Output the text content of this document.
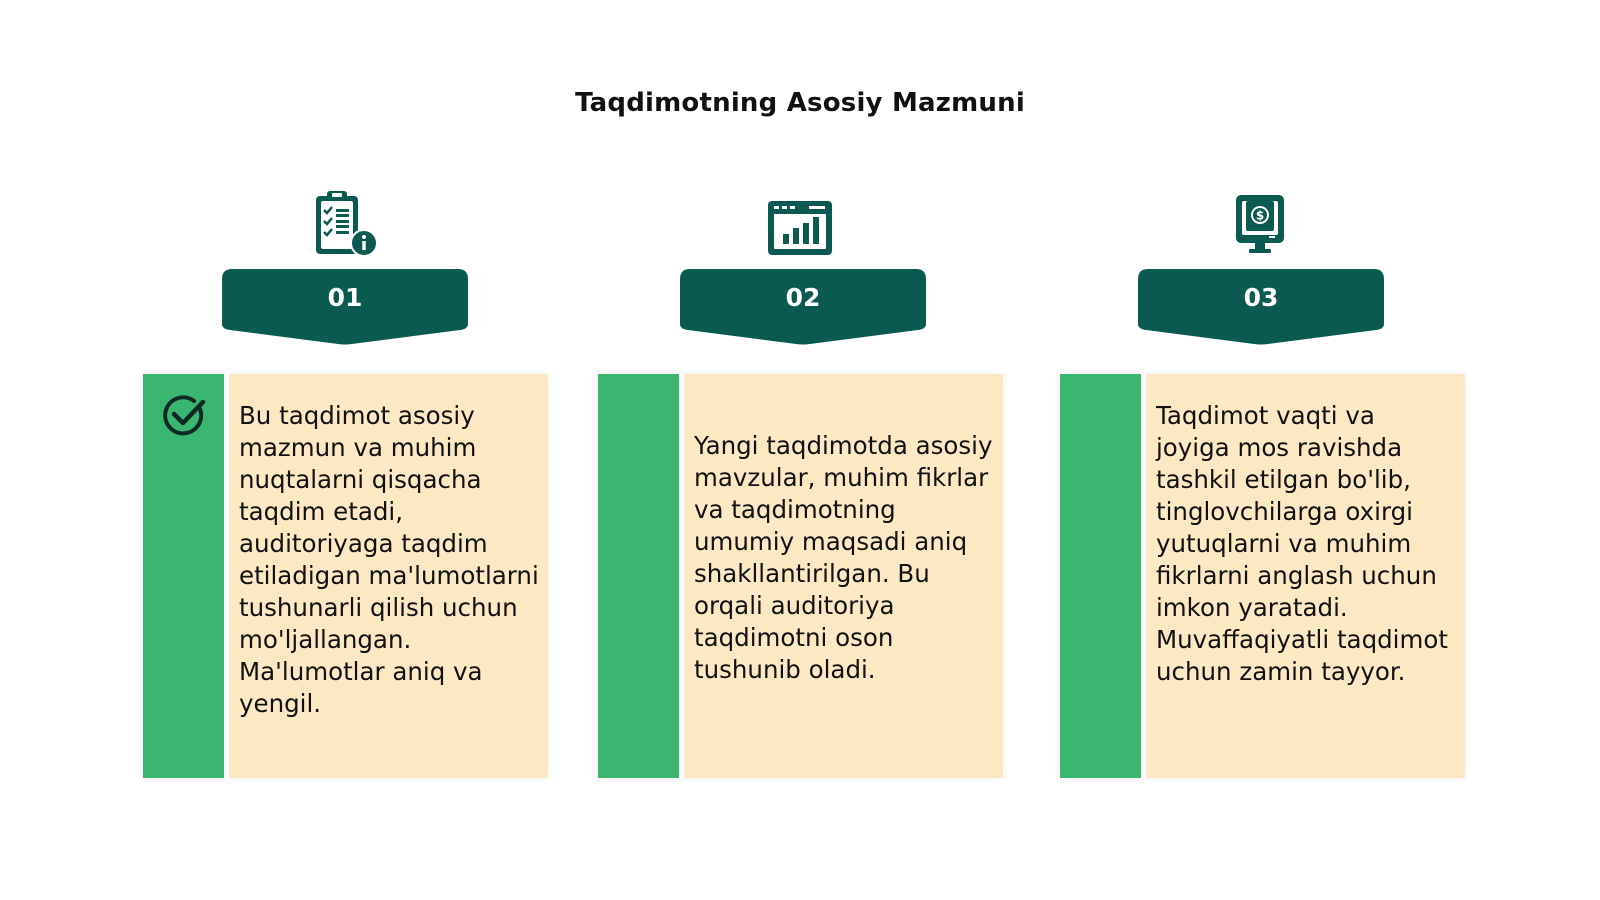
Taqdimotning Asosiy Mazmuni
01
Bu taqdimot asosiy mazmun va muhim nuqtalarni qisqacha taqdim etadi, auditoriyaga taqdim etiladigan ma'lumotlarni tushunarli qilish uchun mo'ljallangan. Ma'lumotlar aniq va yengil.
02
Yangi taqdimotda asosiy mavzular, muhim fikrlar va taqdimotning umumiy maqsadi aniq shakllantirilgan. Bu orqali auditoriya taqdimotni oson tushunib oladi.
$
03
Taqdimot vaqti va joyiga mos ravishda tashkil etilgan bo'lib, tinglovchilarga oxirgi yutuqlarni va muhim fikrlarni anglash uchun imkon yaratadi. Muvaffaqiyatli taqdimot uchun zamin tayyor.
